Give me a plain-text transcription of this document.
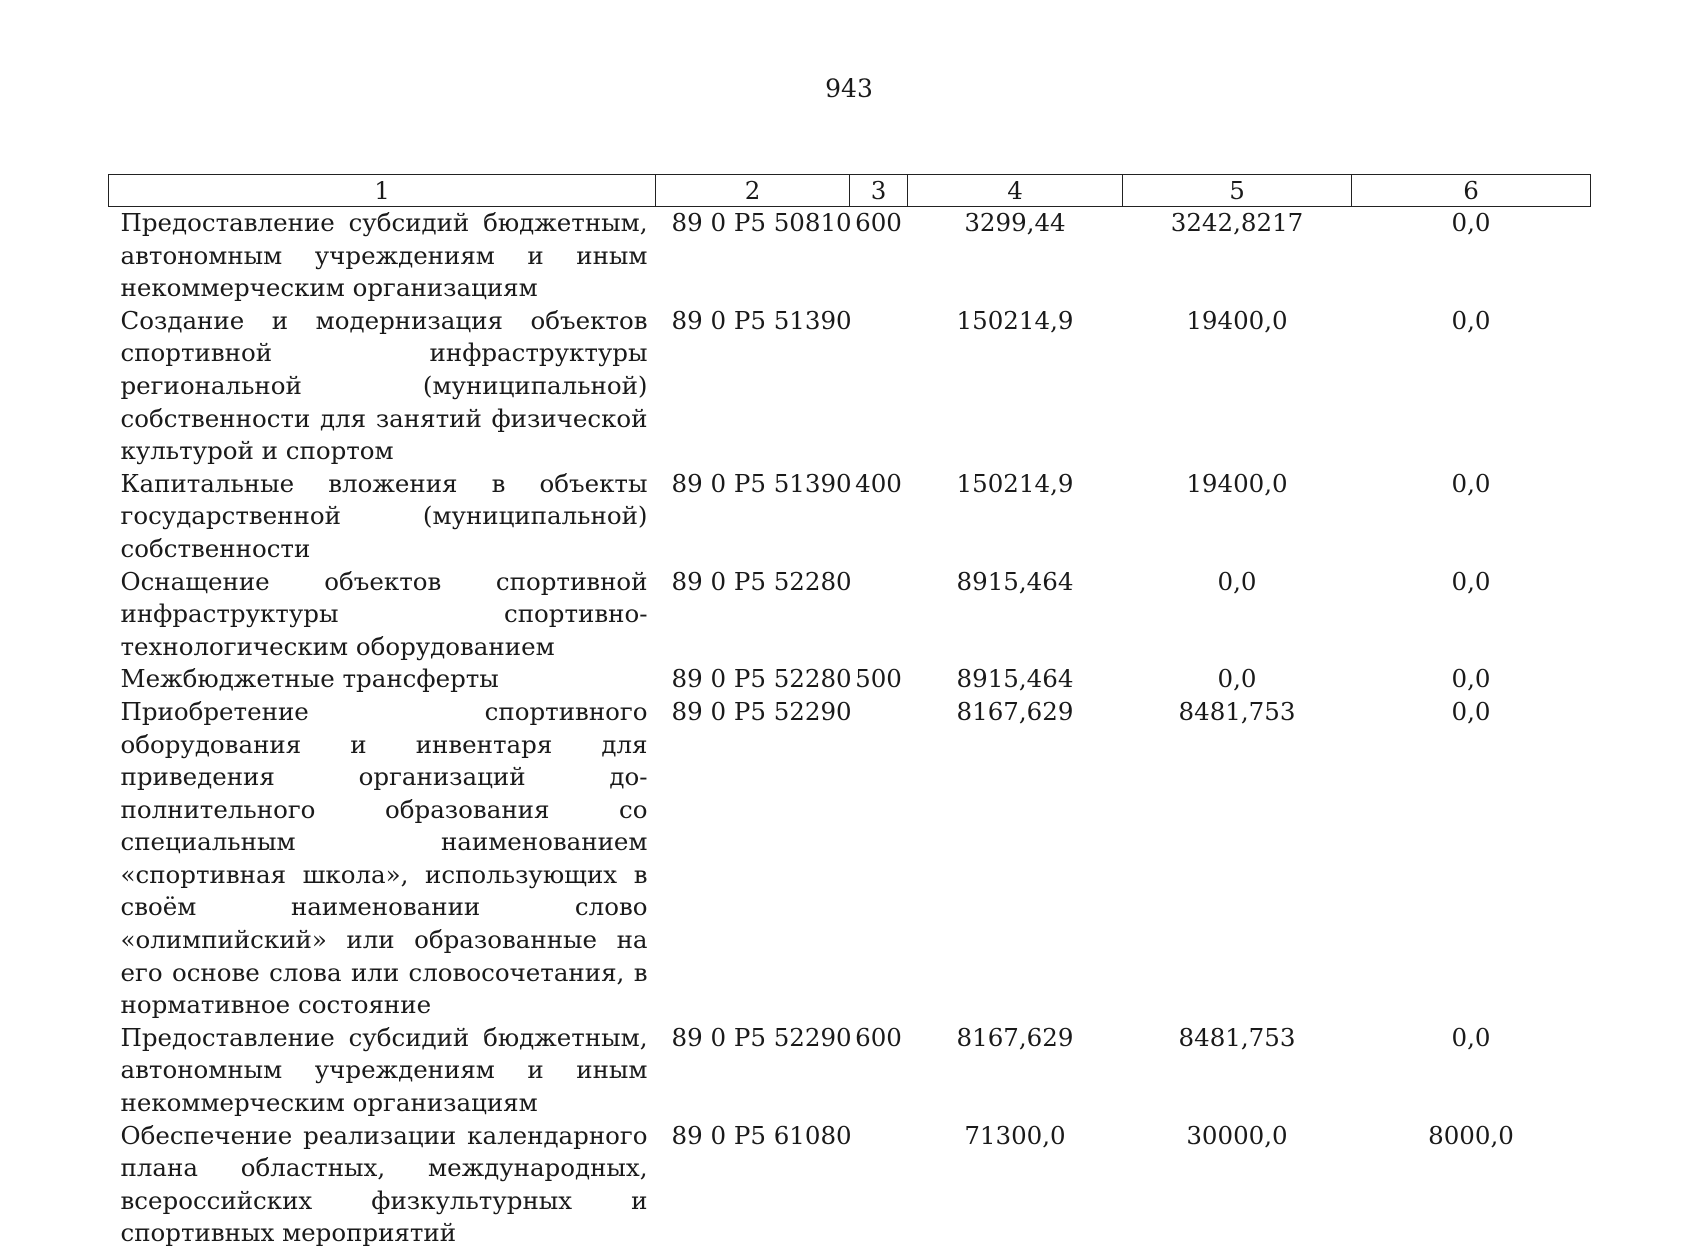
943
1	2	3	4	5	6
Предоставление субсидий бюджетным, автономным учреждениям и иным некоммерческим организациям	89 0 P5 50810	600	3299,44	3242,8217	0,0
Создание и модернизация объектов спортивной инфраструктуры региональной (муниципальной) собственности для занятий физической культурой и спортом	89 0 P5 51390		150214,9	19400,0	0,0
Капитальные вложения в объекты государственной (муниципальной) собственности	89 0 P5 51390	400	150214,9	19400,0	0,0
Оснащение объектов спортивной инфраструктуры спортивно-технологическим оборудованием	89 0 P5 52280		8915,464	0,0	0,0
Межбюджетные трансферты	89 0 P5 52280	500	8915,464	0,0	0,0
Приобретение спортивного оборудования и инвентаря для приведения организаций дополнительного образования со специальным наименованием «спортивная школа», использующих в своём наименовании слово «олимпийский» или образованные на его основе слова или словосочетания, в нормативное состояние	89 0 P5 52290		8167,629	8481,753	0,0
Предоставление субсидий бюджетным, автономным учреждениям и иным некоммерческим организациям	89 0 P5 52290	600	8167,629	8481,753	0,0
Обеспечение реализации календарного плана областных, международных, всероссийских физкультурных и спортивных мероприятий	89 0 P5 61080		71300,0	30000,0	8000,0
